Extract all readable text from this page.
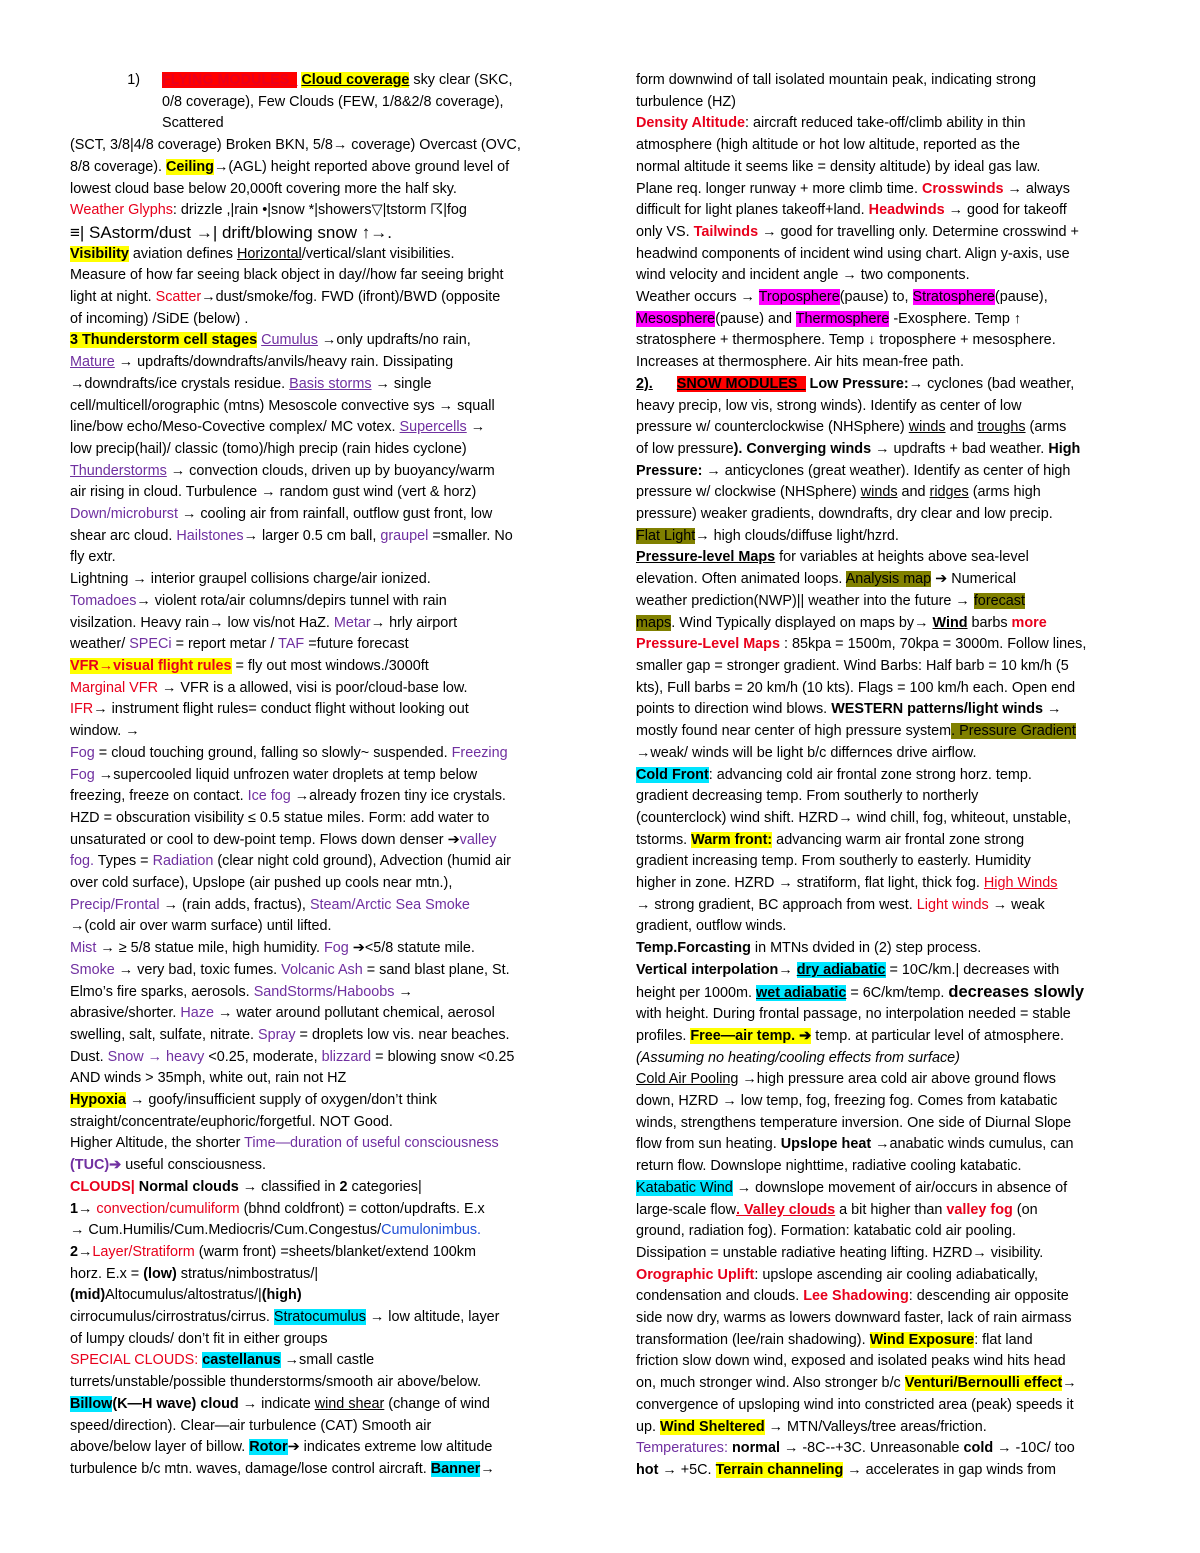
1)	FLYING MODULES_ Cloud coverage sky clear (SKC,

0/8 coverage), Few Clouds (FEW, 1/8&2/8 coverage),

Scattered

(SCT, 3/8|4/8 coverage) Broken BKN, 5/8→ coverage) Overcast (OVC,

8/8 coverage). Ceiling→(AGL) height reported above ground level of

lowest cloud base below 20,000ft covering more the half sky.

Weather Glyphs: drizzle ,|rain •|snow *|showers▽|tstorm ☈|fog

≡| SAstorm/dust →| drift/blowing snow ↑→.

Visibility aviation defines Horizontal/vertical/slant visibilities.

Measure of how far seeing black object in day//how far seeing bright

light at night. Scatter→dust/smoke/fog. FWD (ifront)/BWD (opposite

of incoming) /SiDE (below) .

3 Thunderstorm cell stages Cumulus →only updrafts/no rain,

Mature → updrafts/downdrafts/anvils/heavy rain. Dissipating

→downdrafts/ice crystals residue. Basis storms → single

cell/multicell/orographic (mtns) Mesoscole convective sys → squall

line/bow echo/Meso-Covective complex/ MC votex. Supercells →

low precip(hail)/ classic (tomo)/high precip (rain hides cyclone)

Thunderstorms → convection clouds, driven up by buoyancy/warm

air rising in cloud. Turbulence → random gust wind (vert & horz)

Down/microburst → cooling air from rainfall, outflow gust front, low

shear arc cloud. Hailstones→ larger 0.5 cm ball, graupel =smaller. No

fly extr.

Lightning → interior graupel collisions charge/air ionized.

Tomadoes→ violent rota/air columns/depirs tunnel with rain

visilzation. Heavy rain→ low vis/not HaZ. Metar→ hrly airport

weather/ SPECi = report metar / TAF =future forecast

VFR→visual flight rules = fly out most windows./3000ft

Marginal VFR → VFR is a allowed, visi is poor/cloud-base low.

IFR→ instrument flight rules= conduct flight without looking out

window. →

Fog = cloud touching ground, falling so slowly~ suspended. Freezing

Fog →supercooled liquid unfrozen water droplets at temp below

freezing, freeze on contact. Ice fog →already frozen tiny ice crystals.

HZD = obscuration visibility ≤ 0.5 statue miles. Form: add water to

unsaturated or cool to dew-point temp. Flows down denser ➔valley

fog. Types = Radiation (clear night cold ground), Advection (humid air

over cold surface), Upslope (air pushed up cools near mtn.),

Precip/Frontal → (rain adds, fractus), Steam/Arctic Sea Smoke

→(cold air over warm surface) until lifted.

Mist → ≥ 5/8 statue mile, high humidity. Fog ➔<5/8 statute mile.

Smoke → very bad, toxic fumes. Volcanic Ash = sand blast plane, St.

Elmo’s fire sparks, aerosols. SandStorms/Haboobs →

abrasive/shorter. Haze → water around pollutant chemical, aerosol

swelling, salt, sulfate, nitrate. Spray = droplets low vis. near beaches.

Dust. Snow → heavy <0.25, moderate, blizzard = blowing snow <0.25

AND winds > 35mph, white out, rain not HZ

Hypoxia → goofy/insufficient supply of oxygen/don’t think

straight/concentrate/euphoric/forgetful. NOT Good.

Higher Altitude, the shorter Time—duration of useful consciousness

(TUC)➔ useful consciousness.

CLOUDS| Normal clouds → classified in 2 categories|

1→ convection/cumuliform (bhnd coldfront) = cotton/updrafts. E.x

→ Cum.Humilis/Cum.Mediocris/Cum.Congestus/Cumulonimbus.

2→Layer/Stratiform (warm front) =sheets/blanket/extend 100km

horz. E.x = (low) stratus/nimbostratus/|

(mid)Altocumulus/altostratus/|(high)

cirrocumulus/cirrostratus/cirrus. Stratocumulus → low altitude, layer

of lumpy clouds/ don’t fit in either groups

SPECIAL CLOUDS: castellanus →small castle

turrets/unstable/possible thunderstorms/smooth air above/below.

Billow(K—H wave) cloud → indicate wind shear (change of wind

speed/direction). Clear—air turbulence (CAT) Smooth air

above/below layer of billow. Rotor➔ indicates extreme low altitude

turbulence b/c mtn. waves, damage/lose control aircraft. Banner→

form downwind of tall isolated mountain peak, indicating strong

turbulence (HZ)

Density Altitude: aircraft reduced take-off/climb ability in thin

atmosphere (high altitude or hot low altitude, reported as the

normal altitude it seems like = density altitude) by ideal gas law.

Plane req. longer runway + more climb time. Crosswinds → always

difficult for light planes takeoff+land. Headwinds → good for takeoff

only VS. Tailwinds → good for travelling only. Determine crosswind +

headwind components of incident wind using chart. Align y-axis, use

wind velocity and incident angle → two components.

Weather occurs → Troposphere(pause) to, Stratosphere(pause),

Mesosphere(pause) and Thermosphere -Exosphere. Temp ↑

stratosphere + thermosphere. Temp ↓ troposphere + mesosphere.

Increases at thermosphere. Air hits mean-free path.

2). SNOW MODULES_ Low Pressure:→ cyclones (bad weather,

heavy precip, low vis, strong winds). Identify as center of low

pressure w/ counterclockwise (NHSphere) winds and troughs (arms

of low pressure). Converging winds → updrafts + bad weather. High

Pressure: → anticyclones (great weather). Identify as center of high

pressure w/ clockwise (NHSphere) winds and ridges (arms high

pressure) weaker gradients, downdrafts, dry clear and low precip.

Flat Light→ high clouds/diffuse light/hzrd.

Pressure-level Maps for variables at heights above sea-level

elevation. Often animated loops. Analysis map ➔ Numerical

weather prediction(NWP)|| weather into the future → forecast

maps. Wind Typically displayed on maps by→ Wind barbs more

Pressure-Level Maps : 85kpa = 1500m, 70kpa = 3000m. Follow lines,

smaller gap = stronger gradient. Wind Barbs: Half barb = 10 km/h (5

kts), Full barbs = 20 km/h (10 kts). Flags = 100 km/h each. Open end

points to direction wind blows. WESTERN patterns/light winds →

mostly found near center of high pressure system. Pressure Gradient

→weak/ winds will be light b/c differnces drive airflow.

Cold Front: advancing cold air frontal zone strong horz. temp.

gradient decreasing temp. From southerly to northerly

(counterclock) wind shift. HZRD→ wind chill, fog, whiteout, unstable,

tstorms. Warm front: advancing warm air frontal zone strong

gradient increasing temp. From southerly to easterly. Humidity

higher in zone. HZRD → stratiform, flat light, thick fog. High Winds

→ strong gradient, BC approach from west. Light winds → weak

gradient, outflow winds.

Temp.Forcasting in MTNs dvided in (2) step process.

Vertical interpolation→ dry adiabatic = 10C/km.| decreases with

height per 1000m. wet adiabatic = 6C/km/temp. decreases slowly

with height. During frontal passage, no interpolation needed = stable

profiles. Free—air temp. ➔ temp. at particular level of atmosphere.

(Assuming no heating/cooling effects from surface)

Cold Air Pooling →high pressure area cold air above ground flows

down, HZRD → low temp, fog, freezing fog. Comes from katabatic

winds, strengthens temperature inversion. One side of Diurnal Slope

flow from sun heating. Upslope heat →anabatic winds cumulus, can

return flow. Downslope nighttime, radiative cooling katabatic.

Katabatic Wind → downslope movement of air/occurs in absence of

large-scale flow. Valley clouds a bit higher than valley fog (on

ground, radiation fog). Formation: katabatic cold air pooling.

Dissipation = unstable radiative heating lifting. HZRD→ visibility.

Orographic Uplift: upslope ascending air cooling adiabatically,

condensation and clouds. Lee Shadowing: descending air opposite

side now dry, warms as lowers downward faster, lack of rain airmass

transformation (lee/rain shadowing). Wind Exposure: flat land

friction slow down wind, exposed and isolated peaks wind hits head

on, much stronger wind. Also stronger b/c Venturi/Bernoulli effect→

convergence of upsloping wind into constricted area (peak) speeds it

up. Wind Sheltered → MTN/Valleys/tree areas/friction.

Temperatures: normal → -8C--+3C. Unreasonable cold → -10C/ too

hot → +5C. Terrain channeling → accelerates in gap winds from
